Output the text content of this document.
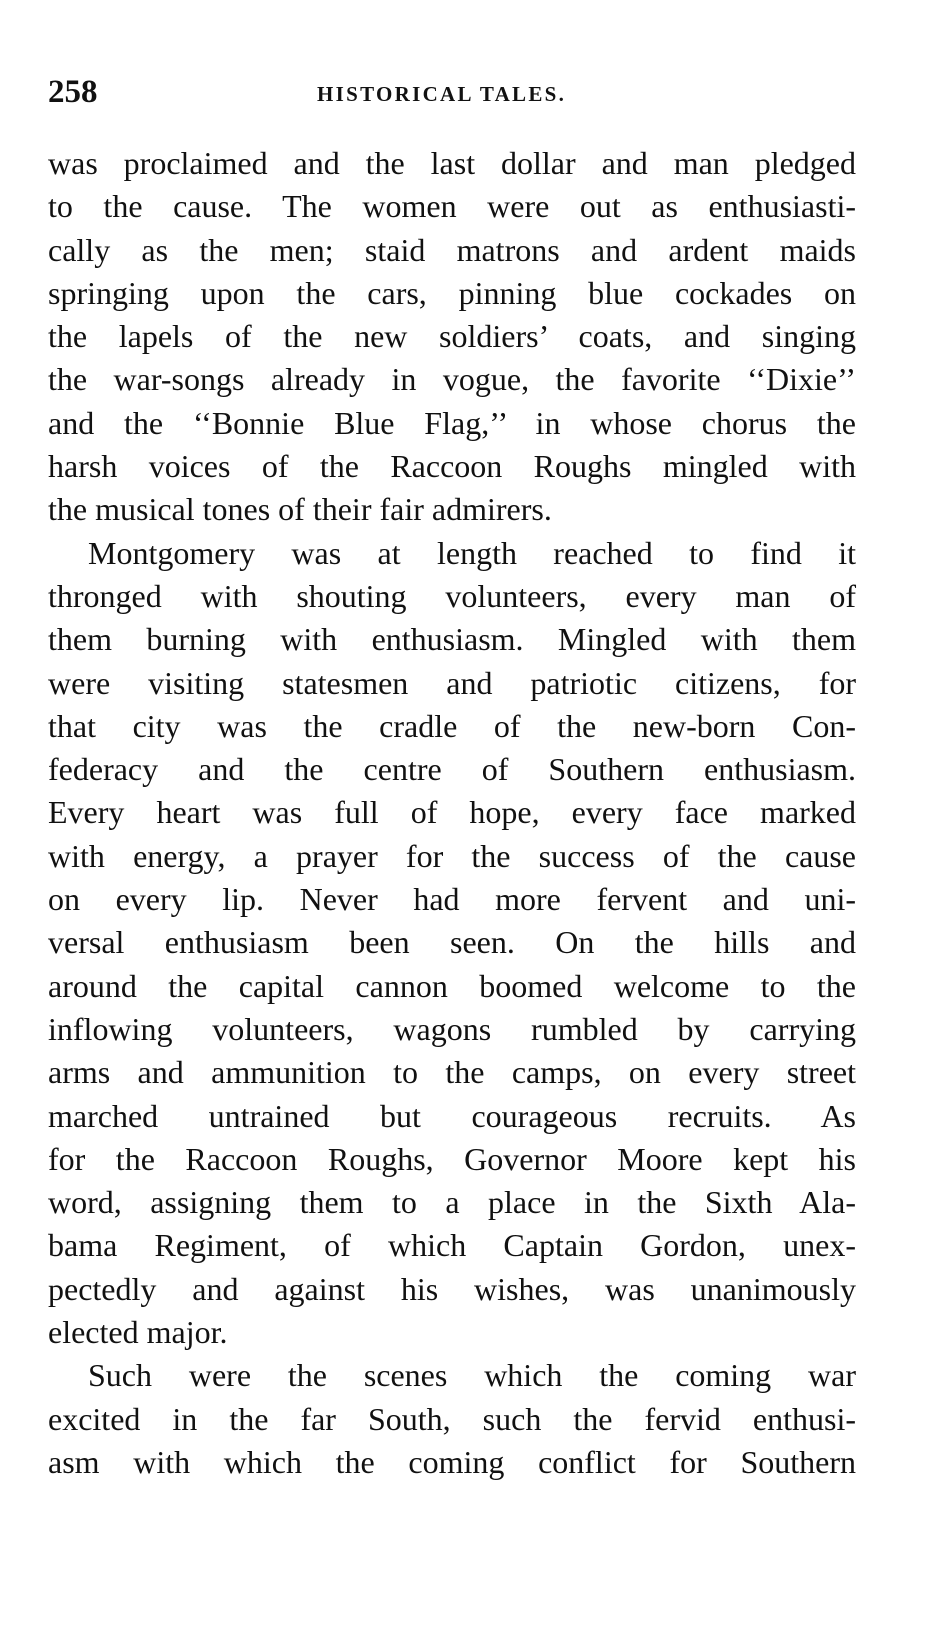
258	HISTORICAL TALES.
was proclaimed and the last dollar and man pledged
to the cause. The women were out as enthusiasti-
cally as the men; staid matrons and ardent maids
springing upon the cars, pinning blue cockades on
the lapels of the new soldiers’ coats, and singing
the war-songs already in vogue, the favorite ‘‘Dixie’’
and the ‘‘Bonnie Blue Flag,’’ in whose chorus the
harsh voices of the Raccoon Roughs mingled with
the musical tones of their fair admirers.
Montgomery was at length reached to find it
thronged with shouting volunteers, every man of
them burning with enthusiasm. Mingled with them
were visiting statesmen and patriotic citizens, for
that city was the cradle of the new-born Con-
federacy and the centre of Southern enthusiasm.
Every heart was full of hope, every face marked
with energy, a prayer for the success of the cause
on every lip. Never had more fervent and uni-
versal enthusiasm been seen. On the hills and
around the capital cannon boomed welcome to the
inflowing volunteers, wagons rumbled by carrying
arms and ammunition to the camps, on every street
marched untrained but courageous recruits. As
for the Raccoon Roughs, Governor Moore kept his
word, assigning them to a place in the Sixth Ala-
bama Regiment, of which Captain Gordon, unex-
pectedly and against his wishes, was unanimously
elected major.
Such were the scenes which the coming war
excited in the far South, such the fervid enthusi-
asm with which the coming conflict for Southern
